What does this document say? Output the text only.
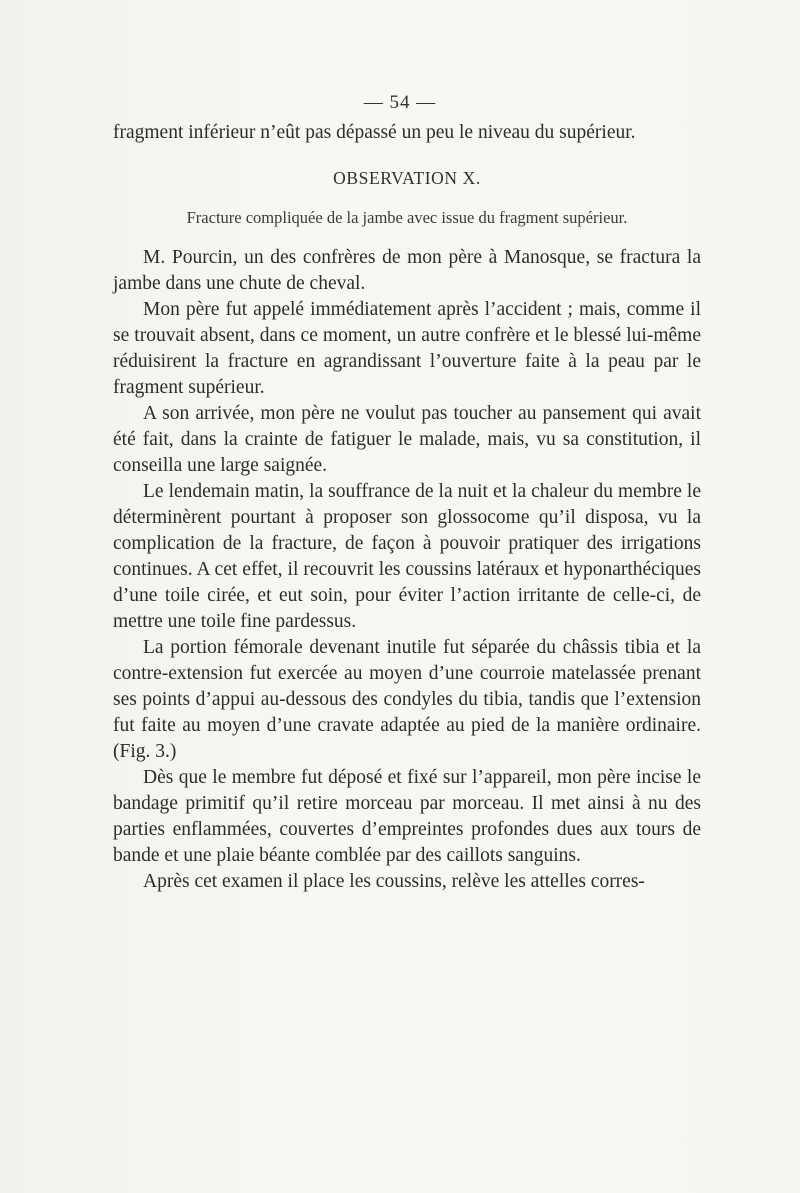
— 54 —

fragment inférieur n’eût pas dépassé un peu le niveau du supérieur.

OBSERVATION X.

Fracture compliquée de la jambe avec issue du fragment supérieur.

M. Pourcin, un des confrères de mon père à Manosque, se fractura la jambe dans une chute de cheval.

Mon père fut appelé immédiatement après l’accident ; mais, comme il se trouvait absent, dans ce moment, un autre confrère et le blessé lui-même réduisirent la fracture en agrandissant l’ouverture faite à la peau par le fragment supérieur.

A son arrivée, mon père ne voulut pas toucher au pansement qui avait été fait, dans la crainte de fatiguer le malade, mais, vu sa constitution, il conseilla une large saignée.

Le lendemain matin, la souffrance de la nuit et la chaleur du membre le déterminèrent pourtant à proposer son glossocome qu’il disposa, vu la complication de la fracture, de façon à pouvoir pratiquer des irrigations continues. A cet effet, il recouvrit les coussins latéraux et hyponarthéciques d’une toile cirée, et eut soin, pour éviter l’action irritante de celle-ci, de mettre une toile fine pardessus.

La portion fémorale devenant inutile fut séparée du châssis tibia et la contre-extension fut exercée au moyen d’une courroie matelassée prenant ses points d’appui au-dessous des condyles du tibia, tandis que l’extension fut faite au moyen d’une cravate adaptée au pied de la manière ordinaire. (Fig. 3.)

Dès que le membre fut déposé et fixé sur l’appareil, mon père incise le bandage primitif qu’il retire morceau par morceau. Il met ainsi à nu des parties enflammées, couvertes d’empreintes profondes dues aux tours de bande et une plaie béante comblée par des caillots sanguins.

Après cet examen il place les coussins, relève les attelles corres-
